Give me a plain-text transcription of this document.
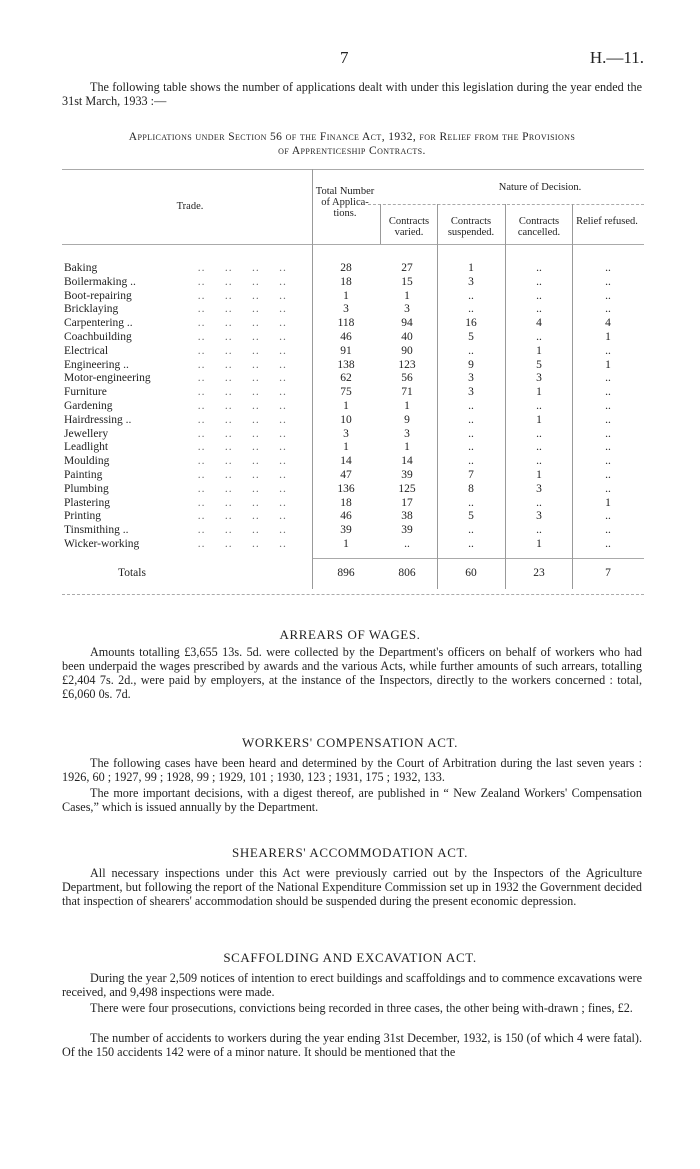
7	H.—11.

The following table shows the number of applications dealt with under this legislation during the year ended the 31st March, 1933 :—

Applications under Section 56 of the Finance Act, 1932, for Relief from the Provisions
of Apprenticeship Contracts.
Trade.
Total Number of Applica-tions.
Nature of Decision.
Contracts varied.
Contracts suspended.
Contracts cancelled.
Relief refused.
Baking	..     ..     ..     ..	28	27	1	..	..
Boilermaking ..	..     ..     ..     ..	18	15	3	..	..
Boot-repairing	..     ..     ..     ..	1	1	..	..	..
Bricklaying	..     ..     ..     ..	3	3	..	..	..
Carpentering ..	..     ..     ..     ..	118	94	16	4	4
Coachbuilding	..     ..     ..     ..	46	40	5	..	1
Electrical	..     ..     ..     ..	91	90	..	1	..
Engineering ..	..     ..     ..     ..	138	123	9	5	1
Motor-engineering	..     ..     ..     ..	62	56	3	3	..
Furniture	..     ..     ..     ..	75	71	3	1	..
Gardening	..     ..     ..     ..	1	1	..	..	..
Hairdressing ..	..     ..     ..     ..	10	9	..	1	..
Jewellery	..     ..     ..     ..	3	3	..	..	..
Leadlight	..     ..     ..     ..	1	1	..	..	..
Moulding	..     ..     ..     ..	14	14	..	..	..
Painting	..     ..     ..     ..	47	39	7	1	..
Plumbing	..     ..     ..     ..	136	125	8	3	..
Plastering	..     ..     ..     ..	18	17	..	..	1
Printing	..     ..     ..     ..	46	38	5	3	..
Tinsmithing ..	..     ..     ..     ..	39	39	..	..	..
Wicker-working	..     ..     ..     ..	1	..	..	1	..
Totals	896	806	60	23	7
ARREARS OF WAGES.

Amounts totalling £3,655 13s. 5d. were collected by the Department's officers on behalf of workers who had been underpaid the wages prescribed by awards and the various Acts, while further amounts of such arrears, totalling £2,404 7s. 2d., were paid by employers, at the instance of the Inspectors, directly to the workers concerned : total, £6,060 0s. 7d.

WORKERS' COMPENSATION ACT.

The following cases have been heard and determined by the Court of Arbitration during the last seven years : 1926, 60 ; 1927, 99 ; 1928, 99 ; 1929, 101 ; 1930, 123 ; 1931, 175 ; 1932, 133.

The more important decisions, with a digest thereof, are published in “ New Zealand Workers' Compensation Cases,” which is issued annually by the Department.

SHEARERS' ACCOMMODATION ACT.

All necessary inspections under this Act were previously carried out by the Inspectors of the Agriculture Department, but following the report of the National Expenditure Commission set up in 1932 the Government decided that inspection of shearers' accommodation should be suspended during the present economic depression.

SCAFFOLDING AND EXCAVATION ACT.

During the year 2,509 notices of intention to erect buildings and scaffoldings and to commence excavations were received, and 9,498 inspections were made.

There were four prosecutions, convictions being recorded in three cases, the other being with-drawn ; fines, £2.

The number of accidents to workers during the year ending 31st December, 1932, is 150 (of which 4 were fatal). Of the 150 accidents 142 were of a minor nature. It should be mentioned that the
